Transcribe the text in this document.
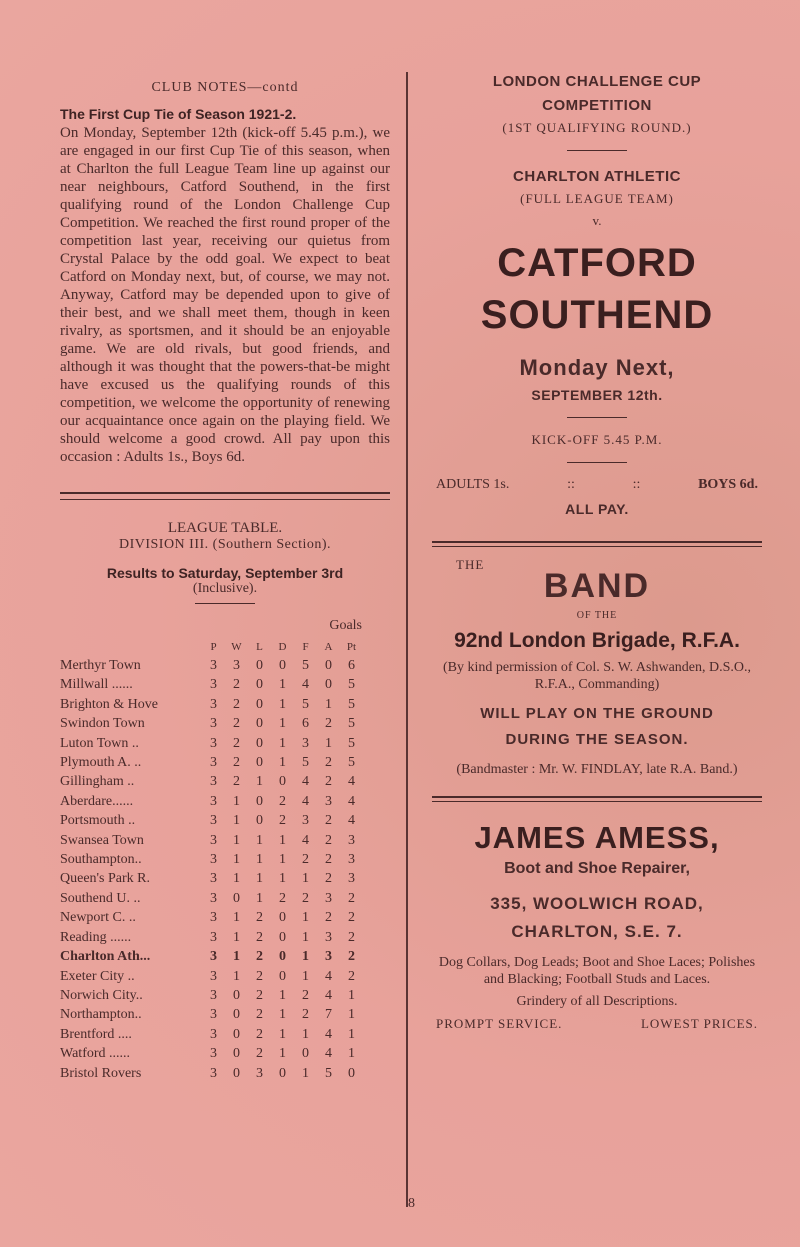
CLUB NOTES—contd
The First Cup Tie of Season 1921-2.

On Monday, September 12th (kick-off 5.45 p.m.), we are engaged in our first Cup Tie of this season, when at Charlton the full League Team line up against our near neighbours, Catford Southend, in the first qualifying round of the London Challenge Cup Competition. We reached the first round proper of the competition last year, receiving our quietus from Crystal Palace by the odd goal. We expect to beat Catford on Monday next, but, of course, we may not. Anyway, Catford may be depended upon to give of their best, and we shall meet them, though in keen rivalry, as sportsmen, and it should be an enjoyable game. We are old rivals, but good friends, and although it was thought that the powers-that-be might have excused us the qualifying rounds of this competition, we welcome the opportunity of renewing our acquaintance once again on the playing field. We should welcome a good crowd. All pay upon this occasion : Adults 1s., Boys 6d.

LEAGUE TABLE.
DIVISION III. (Southern Section).
Results to Saturday, September 3rd
(Inclusive).
Goals
	P	W	L	D	F	A	Pt
Merthyr Town	3	3	0	0	5	0	6
Millwall ......	3	2	0	1	4	0	5
Brighton & Hove	3	2	0	1	5	1	5
Swindon Town	3	2	0	1	6	2	5
Luton Town ..	3	2	0	1	3	1	5
Plymouth A. ..	3	2	0	1	5	2	5
Gillingham ..	3	2	1	0	4	2	4
Aberdare......	3	1	0	2	4	3	4
Portsmouth ..	3	1	0	2	3	2	4
Swansea Town	3	1	1	1	4	2	3
Southampton..	3	1	1	1	2	2	3
Queen's Park R.	3	1	1	1	1	2	3
Southend U. ..	3	0	1	2	2	3	2
Newport C. ..	3	1	2	0	1	2	2
Reading ......	3	1	2	0	1	3	2
Charlton Ath...	3	1	2	0	1	3	2
Exeter City ..	3	1	2	0	1	4	2
Norwich City..	3	0	2	1	2	4	1
Northampton..	3	0	2	1	2	7	1
Brentford ....	3	0	2	1	1	4	1
Watford ......	3	0	2	1	0	4	1
Bristol Rovers	3	0	3	0	1	5	0
LONDON CHALLENGE CUP
COMPETITION
(1ST QUALIFYING ROUND.)
CHARLTON ATHLETIC
(FULL LEAGUE TEAM)
v.
CATFORD
SOUTHEND
Monday Next,
SEPTEMBER 12th.
KICK-OFF 5.45 P.M.
ADULTS 1s.	::	::	BOYS 6d.
ALL PAY.
THE
BAND
OF THE
92nd London Brigade, R.F.A.
(By kind permission of Col. S. W. Ashwanden, D.S.O., R.F.A., Commanding)
WILL PLAY ON THE GROUND
DURING THE SEASON.
(Bandmaster : Mr. W. FINDLAY, late R.A. Band.)
JAMES AMESS,
Boot and Shoe Repairer,
335, WOOLWICH ROAD,
CHARLTON, S.E. 7.
Dog Collars, Dog Leads; Boot and Shoe Laces; Polishes and Blacking; Football Studs and Laces.
Grindery of all Descriptions.
PROMPT SERVICE.	LOWEST PRICES.
8
